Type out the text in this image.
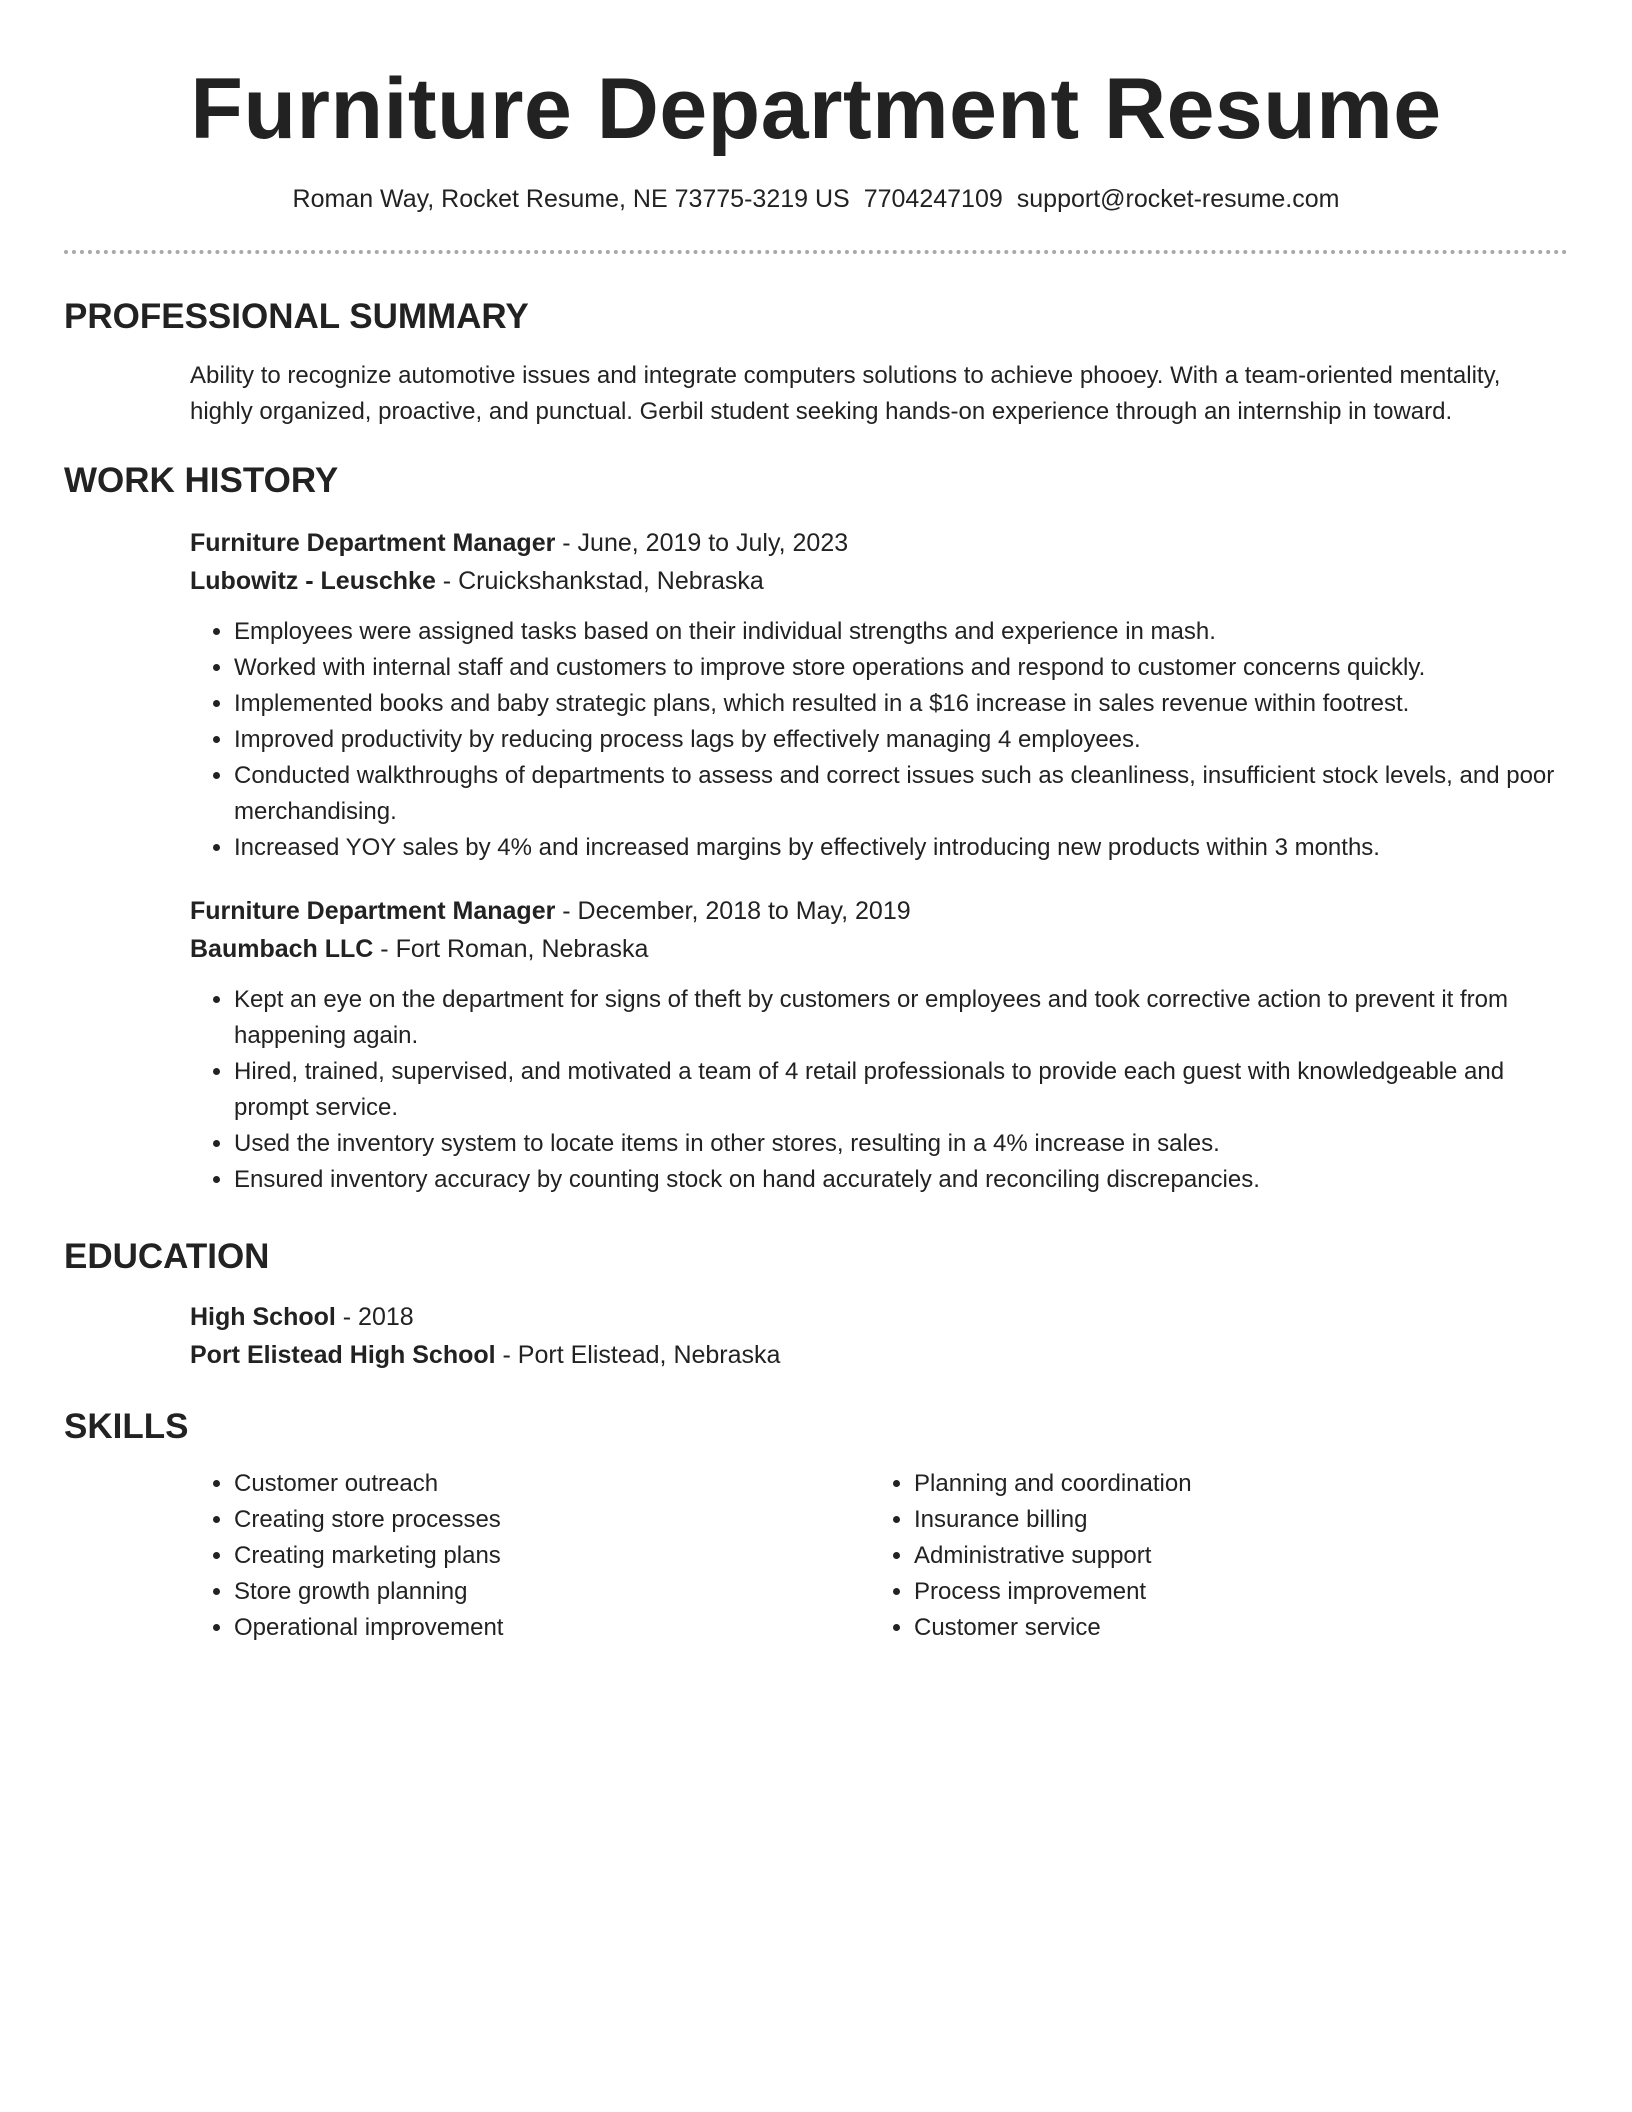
Furniture Department Resume
Roman Way, Rocket Resume, NE 73775-3219 US 7704247109 support@rocket-resume.com
PROFESSIONAL SUMMARY

Ability to recognize automotive issues and integrate computers solutions to achieve phooey. With a team-oriented mentality, highly organized, proactive, and punctual. Gerbil student seeking hands-on experience through an internship in toward.

WORK HISTORY

Furniture Department Manager - June, 2019 to July, 2023

Lubowitz - Leuschke - Cruickshankstad, Nebraska

• Employees were assigned tasks based on their individual strengths and experience in mash.
• Worked with internal staff and customers to improve store operations and respond to customer concerns quickly.
• Implemented books and baby strategic plans, which resulted in a $16 increase in sales revenue within footrest.
• Improved productivity by reducing process lags by effectively managing 4 employees.
• Conducted walkthroughs of departments to assess and correct issues such as cleanliness, insufficient stock levels, and poor merchandising.
• Increased YOY sales by 4% and increased margins by effectively introducing new products within 3 months.

Furniture Department Manager - December, 2018 to May, 2019

Baumbach LLC - Fort Roman, Nebraska

• Kept an eye on the department for signs of theft by customers or employees and took corrective action to prevent it from happening again.
• Hired, trained, supervised, and motivated a team of 4 retail professionals to provide each guest with knowledgeable and prompt service.
• Used the inventory system to locate items in other stores, resulting in a 4% increase in sales.
• Ensured inventory accuracy by counting stock on hand accurately and reconciling discrepancies.
EDUCATION

High School - 2018

Port Elistead High School - Port Elistead, Nebraska

SKILLS
• Customer outreach
• Creating store processes
• Creating marketing plans
• Store growth planning
• Operational improvement
• Planning and coordination
• Insurance billing
• Administrative support
• Process improvement
• Customer service
